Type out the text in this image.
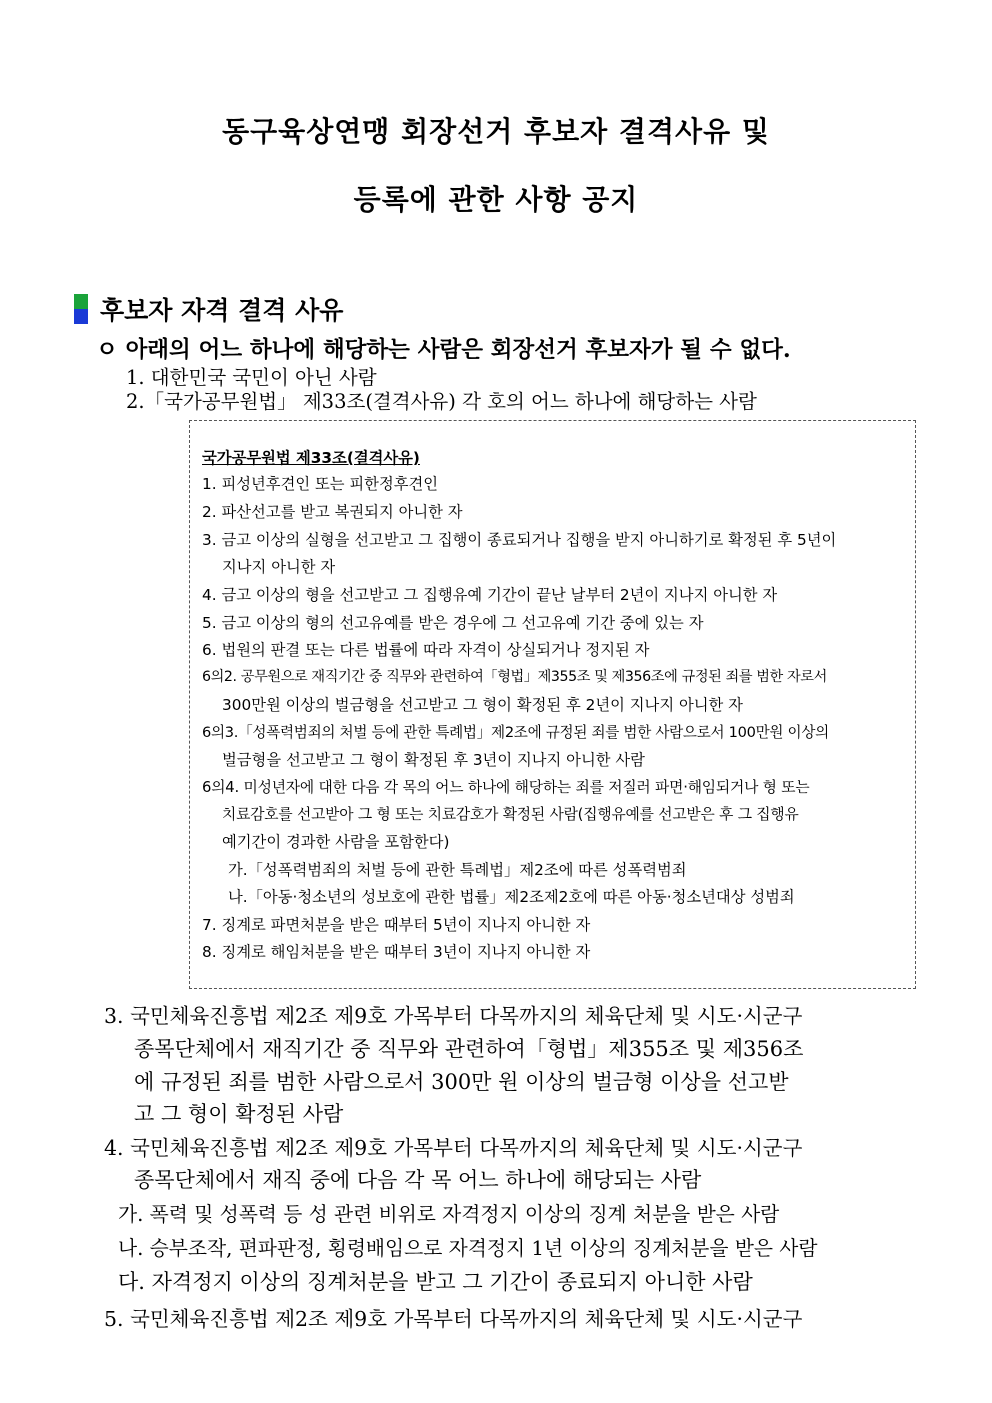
동구육상연맹 회장선거 후보자 결격사유 및
등록에 관한 사항 공지
후보자 자격 결격 사유
ㅇ 아래의 어느 하나에 해당하는 사람은 회장선거 후보자가 될 수 없다.
1. 대한민국 국민이 아닌 사람
2.「국가공무원법」 제33조(결격사유) 각 호의 어느 하나에 해당하는 사람
국가공무원법 제33조(결격사유)
1. 피성년후견인 또는 피한정후견인
2. 파산선고를 받고 복권되지 아니한 자
3. 금고 이상의 실형을 선고받고 그 집행이 종료되거나 집행을 받지 아니하기로 확정된 후 5년이
지나지 아니한 자
4. 금고 이상의 형을 선고받고 그 집행유예 기간이 끝난 날부터 2년이 지나지 아니한 자
5. 금고 이상의 형의 선고유예를 받은 경우에 그 선고유예 기간 중에 있는 자
6. 법원의 판결 또는 다른 법률에 따라 자격이 상실되거나 정지된 자
6의2. 공무원으로 재직기간 중 직무와 관련하여「형법」제355조 및 제356조에 규정된 죄를 범한 자로서
300만원 이상의 벌금형을 선고받고 그 형이 확정된 후 2년이 지나지 아니한 자
6의3.「성폭력범죄의 처벌 등에 관한 특례법」제2조에 규정된 죄를 범한 사람으로서 100만원 이상의
벌금형을 선고받고 그 형이 확정된 후 3년이 지나지 아니한 사람
6의4. 미성년자에 대한 다음 각 목의 어느 하나에 해당하는 죄를 저질러 파면·해임되거나 형 또는
치료감호를 선고받아 그 형 또는 치료감호가 확정된 사람(집행유예를 선고받은 후 그 집행유
예기간이 경과한 사람을 포함한다)
가.「성폭력범죄의 처벌 등에 관한 특례법」제2조에 따른 성폭력범죄
나.「아동·청소년의 성보호에 관한 법률」제2조제2호에 따른 아동·청소년대상 성범죄
7. 징계로 파면처분을 받은 때부터 5년이 지나지 아니한 자
8. 징계로 해임처분을 받은 때부터 3년이 지나지 아니한 자
3. 국민체육진흥법 제2조 제9호 가목부터 다목까지의 체육단체 및 시도·시군구
종목단체에서 재직기간 중 직무와 관련하여「형법」제355조 및 제356조
에 규정된 죄를 범한 사람으로서 300만 원 이상의 벌금형 이상을 선고받
고 그 형이 확정된 사람
4. 국민체육진흥법 제2조 제9호 가목부터 다목까지의 체육단체 및 시도·시군구
종목단체에서 재직 중에 다음 각 목 어느 하나에 해당되는 사람
가. 폭력 및 성폭력 등 성 관련 비위로 자격정지 이상의 징계 처분을 받은 사람
나. 승부조작, 편파판정, 횡령배임으로 자격정지 1년 이상의 징계처분을 받은 사람
다. 자격정지 이상의 징계처분을 받고 그 기간이 종료되지 아니한 사람
5. 국민체육진흥법 제2조 제9호 가목부터 다목까지의 체육단체 및 시도·시군구
